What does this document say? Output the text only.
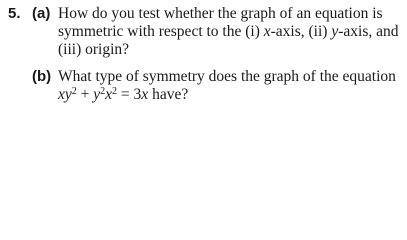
5. (a) How do you test whether the graph of an equation is
symmetric with respect to the (i) x-axis, (ii) y-axis, and
(iii) origin?
(b) What type of symmetry does the graph of the equation
$xy^2 + y^2x^2 = 3x$ have?
